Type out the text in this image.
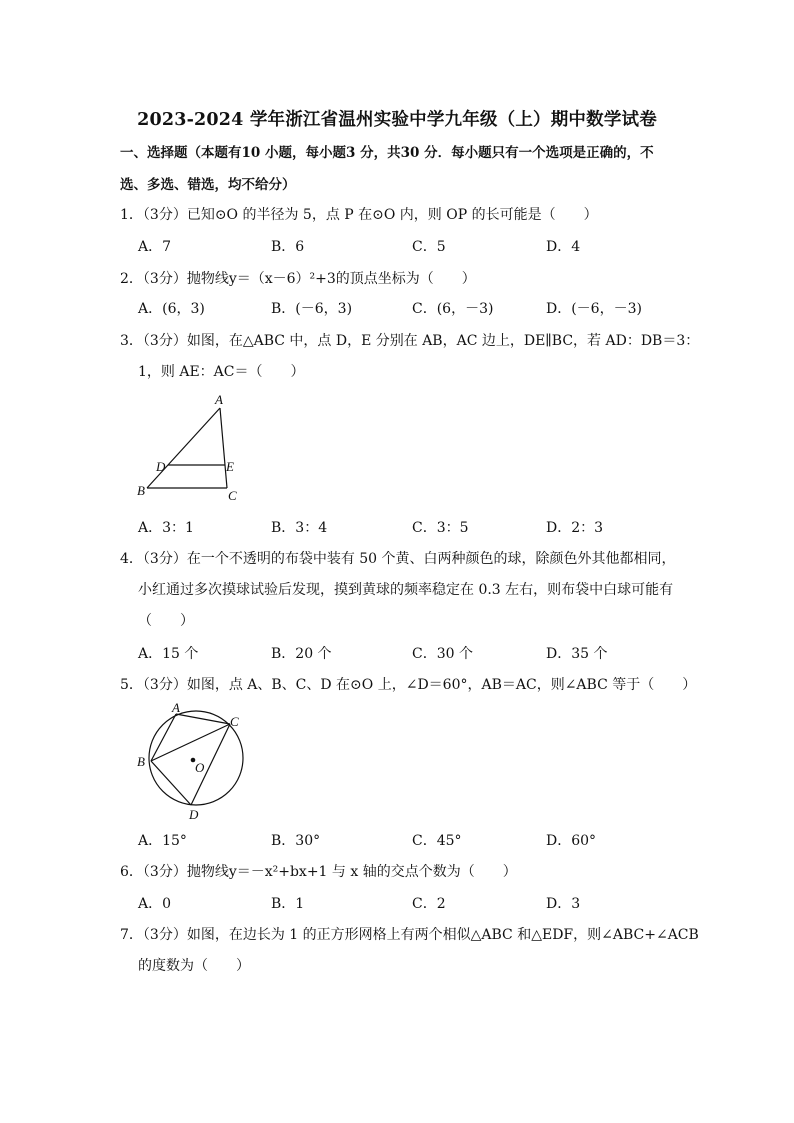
2023-2024 学年浙江省温州实验中学九年级（上）期中数学试卷
一、选择题（本题有10 小题，每小题3 分，共30 分．每小题只有一个选项是正确的，不
选、多选、错选，均不给分）
1．（3分）已知⊙O 的半径为 5，点 P 在⊙O 内，则 OP 的长可能是（　　）
A．7	B．6	C．5	D．4
2．（3分）抛物线y＝（x－6）²+3的顶点坐标为（　　）
A．(6，3)	B．(－6，3)	C．(6，－3)	D．(－6，－3)
3．（3分）如图，在△ABC 中，点 D，E 分别在 AB，AC 边上，DE∥BC，若 AD：DB＝3：
1，则 AE：AC＝（　　）
A
D	E
B	C
A．3：1	B．3：4	C．3：5	D．2：3
4．（3分）在一个不透明的布袋中装有 50 个黄、白两种颜色的球，除颜色外其他都相同，
小红通过多次摸球试验后发现，摸到黄球的频率稳定在 0.3 左右，则布袋中白球可能有
（　　）
A．15 个	B．20 个	C．30 个	D．35 个
5．（3分）如图，点 A、B、C、D 在⊙O 上，∠D＝60°，AB＝AC，则∠ABC 等于（　　）
A
C
B	O
D
A．15°	B．30°	C．45°	D．60°
6．（3分）抛物线y＝－x²+bx+1 与 x 轴的交点个数为（　　）
A．0	B．1	C．2	D．3
7．（3分）如图，在边长为 1 的正方形网格上有两个相似△ABC 和△EDF，则∠ABC+∠ACB
的度数为（　　）
